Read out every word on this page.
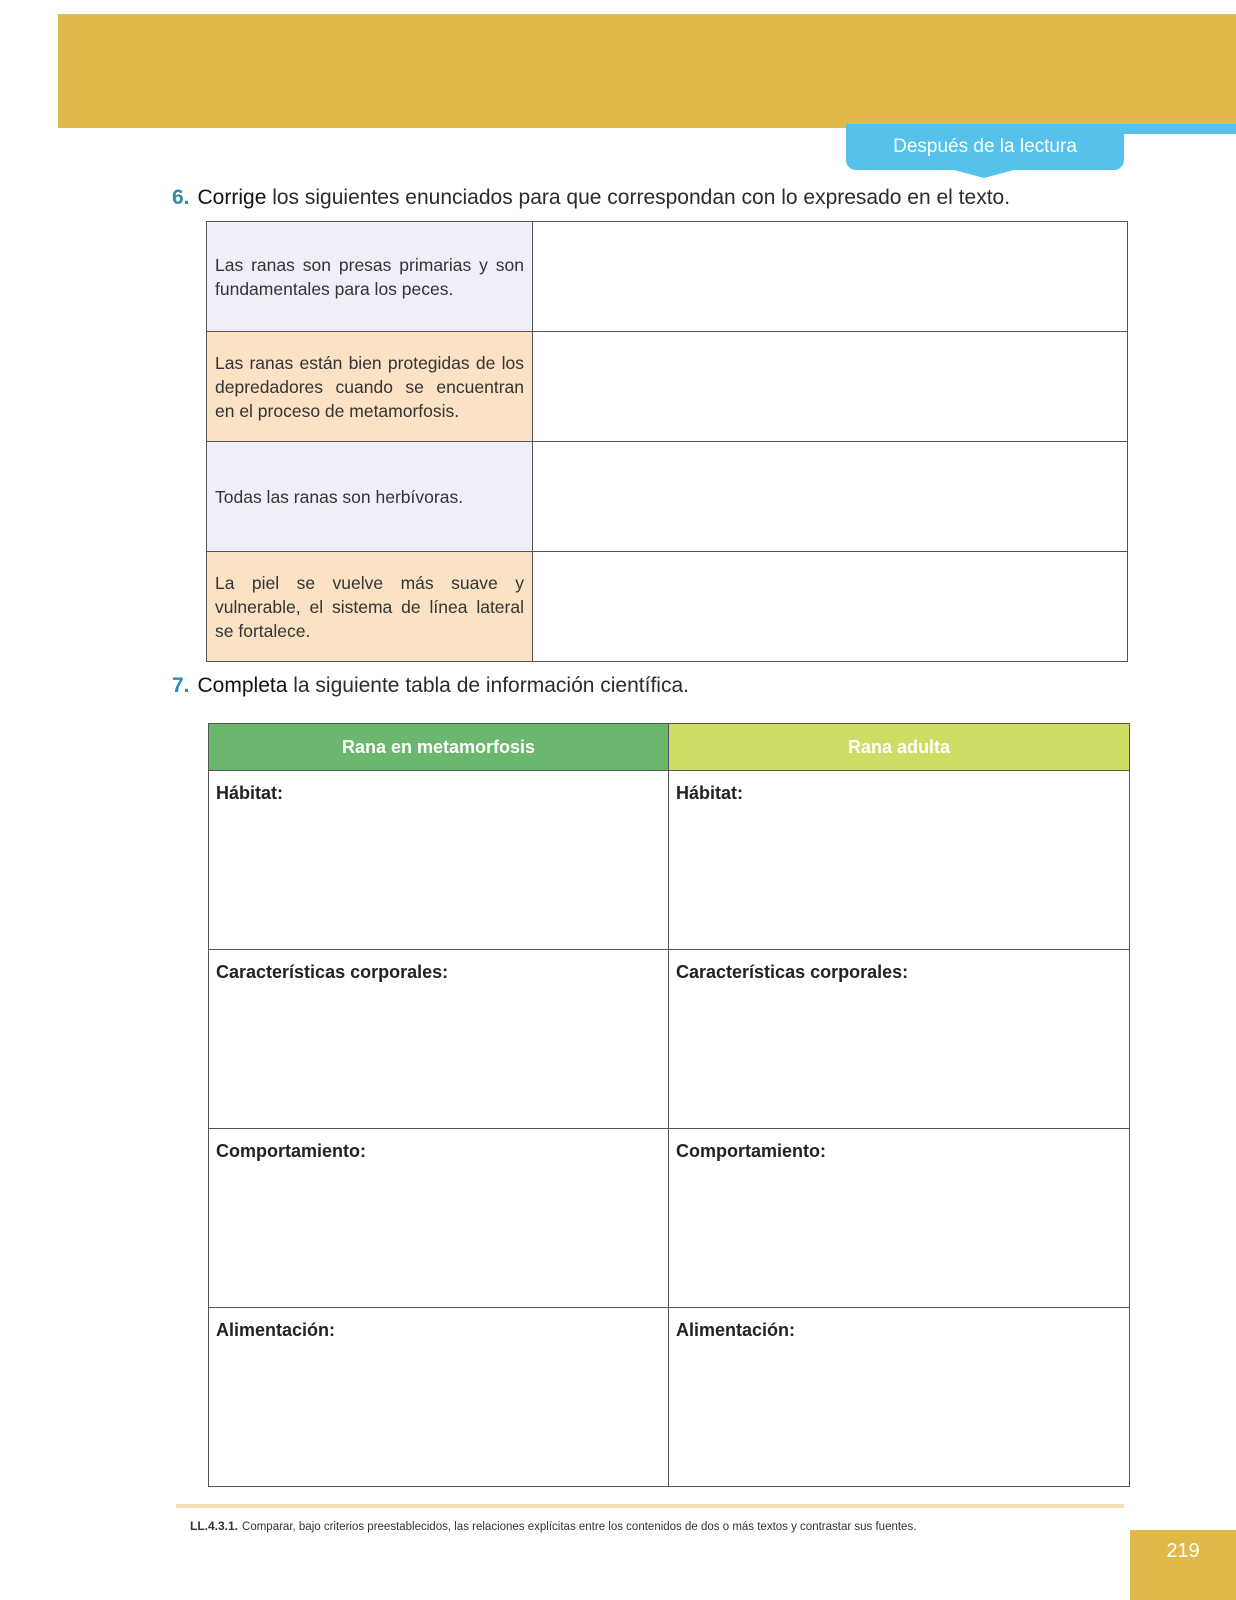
Después de la lectura
6. Corrige los siguientes enunciados para que correspondan con lo expresado en el texto.
Las ranas son presas primarias y son fundamentales para los peces.
Las ranas están bien protegidas de los depredadores cuando se encuentran en el proceso de metamorfosis.
Todas las ranas son herbívoras.
La piel se vuelve más suave y vulnerable, el sistema de línea lateral se fortalece.
7. Completa la siguiente tabla de información científica.
Rana en metamorfosis	Rana adulta
Hábitat:	Hábitat:
Características corporales:	Características corporales:
Comportamiento:	Comportamiento:
Alimentación:	Alimentación:
LL.4.3.1. Comparar, bajo criterios preestablecidos, las relaciones explícitas entre los contenidos de dos o más textos y contrastar sus fuentes.
219
